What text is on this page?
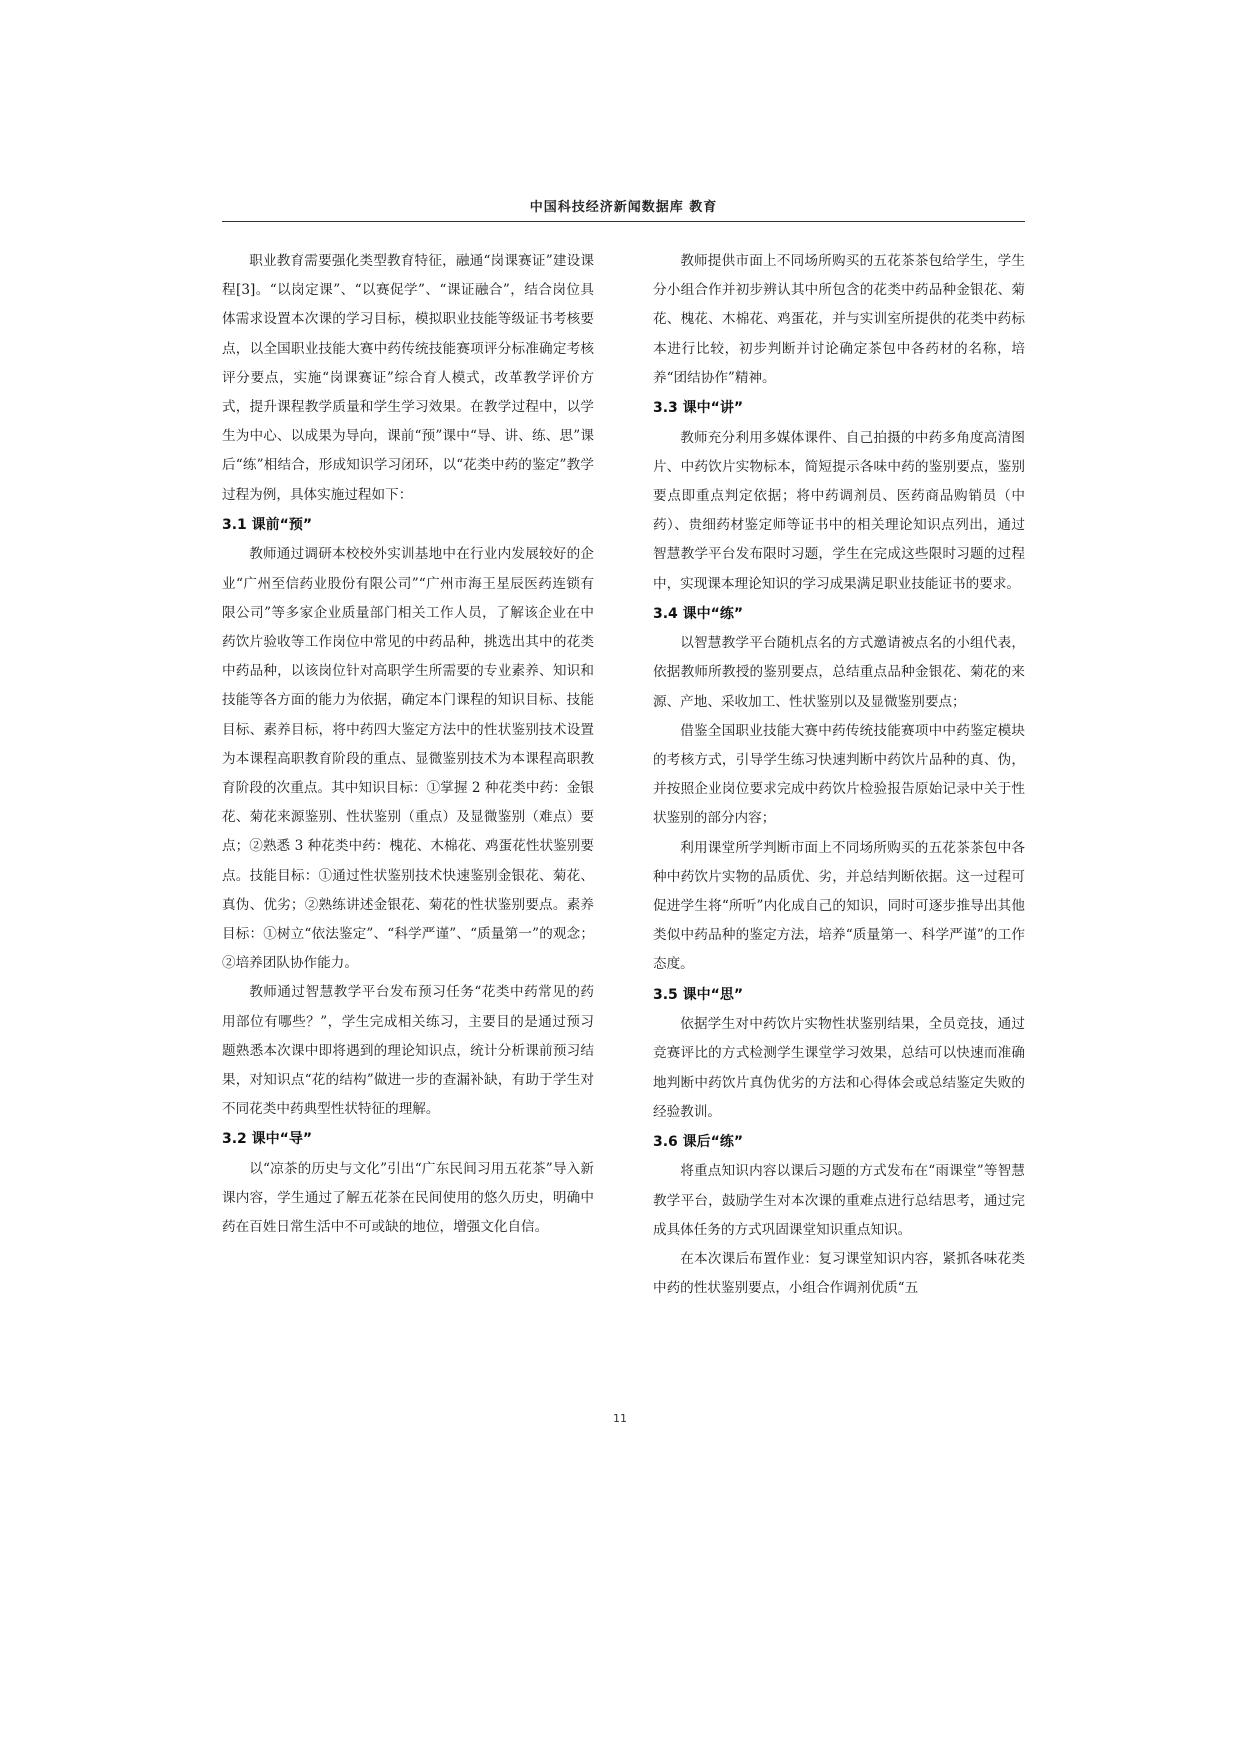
中国科技经济新闻数据库 教育

职业教育需要强化类型教育特征，融通“岗课赛证”建设课程[3]。“以岗定课”、“以赛促学”、“课证融合”，结合岗位具体需求设置本次课的学习目标，模拟职业技能等级证书考核要点，以全国职业技能大赛中药传统技能赛项评分标准确定考核评分要点，实施“岗课赛证”综合育人模式，改革教学评价方式，提升课程教学质量和学生学习效果。在教学过程中，以学生为中心、以成果为导向，课前“预”课中“导、讲、练、思”课后“练”相结合，形成知识学习闭环，以“花类中药的鉴定”教学过程为例，具体实施过程如下：

3.1 课前“预”

教师通过调研本校校外实训基地中在行业内发展较好的企业“广州至信药业股份有限公司”“广州市海王星辰医药连锁有限公司”等多家企业质量部门相关工作人员，了解该企业在中药饮片验收等工作岗位中常见的中药品种，挑选出其中的花类中药品种，以该岗位针对高职学生所需要的专业素养、知识和技能等各方面的能力为依据，确定本门课程的知识目标、技能目标、素养目标，将中药四大鉴定方法中的性状鉴别技术设置为本课程高职教育阶段的重点、显微鉴别技术为本课程高职教育阶段的次重点。其中知识目标：①掌握 2 种花类中药：金银花、菊花来源鉴别、性状鉴别（重点）及显微鉴别（难点）要点；②熟悉 3 种花类中药：槐花、木棉花、鸡蛋花性状鉴别要点。技能目标：①通过性状鉴别技术快速鉴别金银花、菊花、真伪、优劣；②熟练讲述金银花、菊花的性状鉴别要点。素养目标：①树立“依法鉴定”、“科学严谨”、“质量第一”的观念；②培养团队协作能力。

教师通过智慧教学平台发布预习任务“花类中药常见的药用部位有哪些？”，学生完成相关练习，主要目的是通过预习题熟悉本次课中即将遇到的理论知识点，统计分析课前预习结果，对知识点“花的结构”做进一步的查漏补缺，有助于学生对不同花类中药典型性状特征的理解。

3.2 课中“导”

以“凉茶的历史与文化”引出“广东民间习用五花茶”导入新课内容，学生通过了解五花茶在民间使用的悠久历史，明确中药在百姓日常生活中不可或缺的地位，增强文化自信。

教师提供市面上不同场所购买的五花茶茶包给学生，学生分小组合作并初步辨认其中所包含的花类中药品种金银花、菊花、槐花、木棉花、鸡蛋花，并与实训室所提供的花类中药标本进行比较，初步判断并讨论确定茶包中各药材的名称，培养“团结协作”精神。

3.3 课中“讲”

教师充分利用多媒体课件、自己拍摄的中药多角度高清图片、中药饮片实物标本，简短提示各味中药的鉴别要点，鉴别要点即重点判定依据；将中药调剂员、医药商品购销员（中药）、贵细药材鉴定师等证书中的相关理论知识点列出，通过智慧教学平台发布限时习题，学生在完成这些限时习题的过程中，实现课本理论知识的学习成果满足职业技能证书的要求。

3.4 课中“练”

以智慧教学平台随机点名的方式邀请被点名的小组代表，依据教师所教授的鉴别要点，总结重点品种金银花、菊花的来源、产地、采收加工、性状鉴别以及显微鉴别要点；

借鉴全国职业技能大赛中药传统技能赛项中中药鉴定模块的考核方式，引导学生练习快速判断中药饮片品种的真、伪，并按照企业岗位要求完成中药饮片检验报告原始记录中关于性状鉴别的部分内容；

利用课堂所学判断市面上不同场所购买的五花茶茶包中各种中药饮片实物的品质优、劣，并总结判断依据。这一过程可促进学生将“所听”内化成自己的知识，同时可逐步推导出其他类似中药品种的鉴定方法，培养“质量第一、科学严谨”的工作态度。

3.5 课中“思”

依据学生对中药饮片实物性状鉴别结果，全员竞技，通过竞赛评比的方式检测学生课堂学习效果，总结可以快速而准确地判断中药饮片真伪优劣的方法和心得体会或总结鉴定失败的经验教训。

3.6 课后“练”

将重点知识内容以课后习题的方式发布在“雨课堂”等智慧教学平台，鼓励学生对本次课的重难点进行总结思考，通过完成具体任务的方式巩固课堂知识重点知识。

在本次课后布置作业：复习课堂知识内容，紧抓各味花类中药的性状鉴别要点，小组合作调剂优质“五

11
